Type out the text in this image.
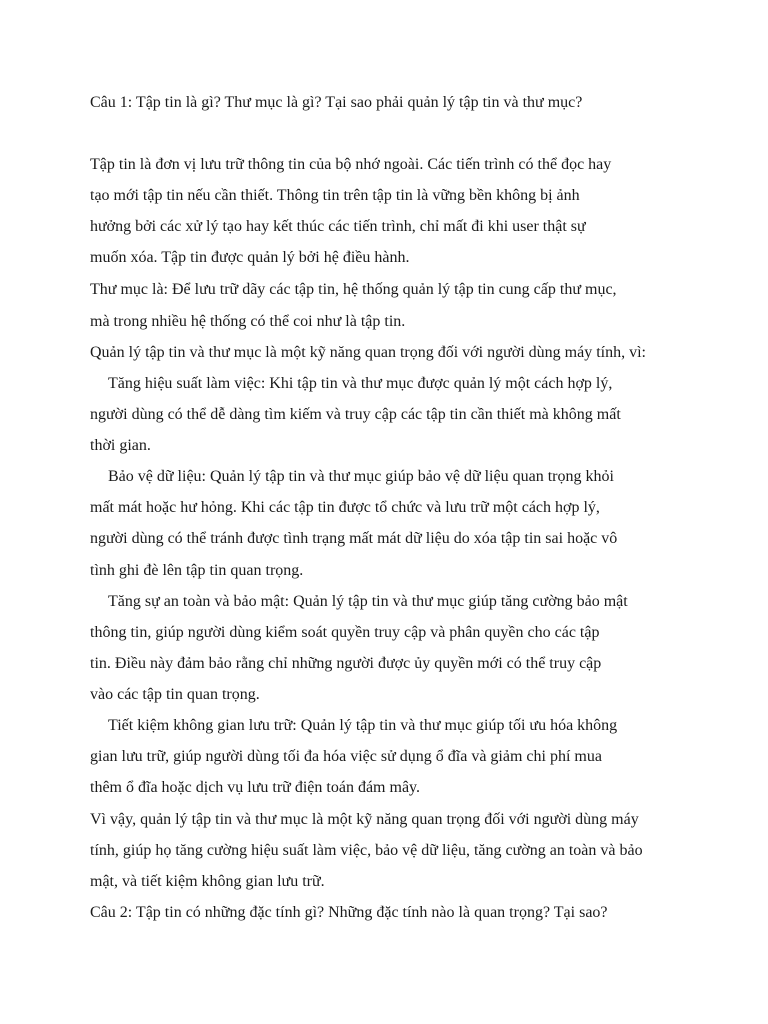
Câu 1: Tập tin là gì? Thư mục là gì? Tại sao phải quản lý tập tin và thư mục?

Tập tin là đơn vị lưu trữ thông tin của bộ nhớ ngoài. Các tiến trình có thể đọc hay

tạo mới tập tin nếu cần thiết. Thông tin trên tập tin là vững bền không bị ảnh

hưởng bởi các xử lý tạo hay kết thúc các tiến trình, chỉ mất đi khi user thật sự

muốn xóa. Tập tin được quản lý bởi hệ điều hành.

Thư mục là: Để lưu trữ dãy các tập tin, hệ thống quản lý tập tin cung cấp thư mục,

mà trong nhiều hệ thống có thể coi như là tập tin.

Quản lý tập tin và thư mục là một kỹ năng quan trọng đối với người dùng máy tính, vì:

Tăng hiệu suất làm việc: Khi tập tin và thư mục được quản lý một cách hợp lý,

người dùng có thể dễ dàng tìm kiếm và truy cập các tập tin cần thiết mà không mất

thời gian.

Bảo vệ dữ liệu: Quản lý tập tin và thư mục giúp bảo vệ dữ liệu quan trọng khỏi

mất mát hoặc hư hỏng. Khi các tập tin được tổ chức và lưu trữ một cách hợp lý,

người dùng có thể tránh được tình trạng mất mát dữ liệu do xóa tập tin sai hoặc vô

tình ghi đè lên tập tin quan trọng.

Tăng sự an toàn và bảo mật: Quản lý tập tin và thư mục giúp tăng cường bảo mật

thông tin, giúp người dùng kiểm soát quyền truy cập và phân quyền cho các tập

tin. Điều này đảm bảo rằng chỉ những người được ủy quyền mới có thể truy cập

vào các tập tin quan trọng.

Tiết kiệm không gian lưu trữ: Quản lý tập tin và thư mục giúp tối ưu hóa không

gian lưu trữ, giúp người dùng tối đa hóa việc sử dụng ổ đĩa và giảm chi phí mua

thêm ổ đĩa hoặc dịch vụ lưu trữ điện toán đám mây.

Vì vậy, quản lý tập tin và thư mục là một kỹ năng quan trọng đối với người dùng máy

tính, giúp họ tăng cường hiệu suất làm việc, bảo vệ dữ liệu, tăng cường an toàn và bảo

mật, và tiết kiệm không gian lưu trữ.

Câu 2: Tập tin có những đặc tính gì? Những đặc tính nào là quan trọng? Tại sao?
